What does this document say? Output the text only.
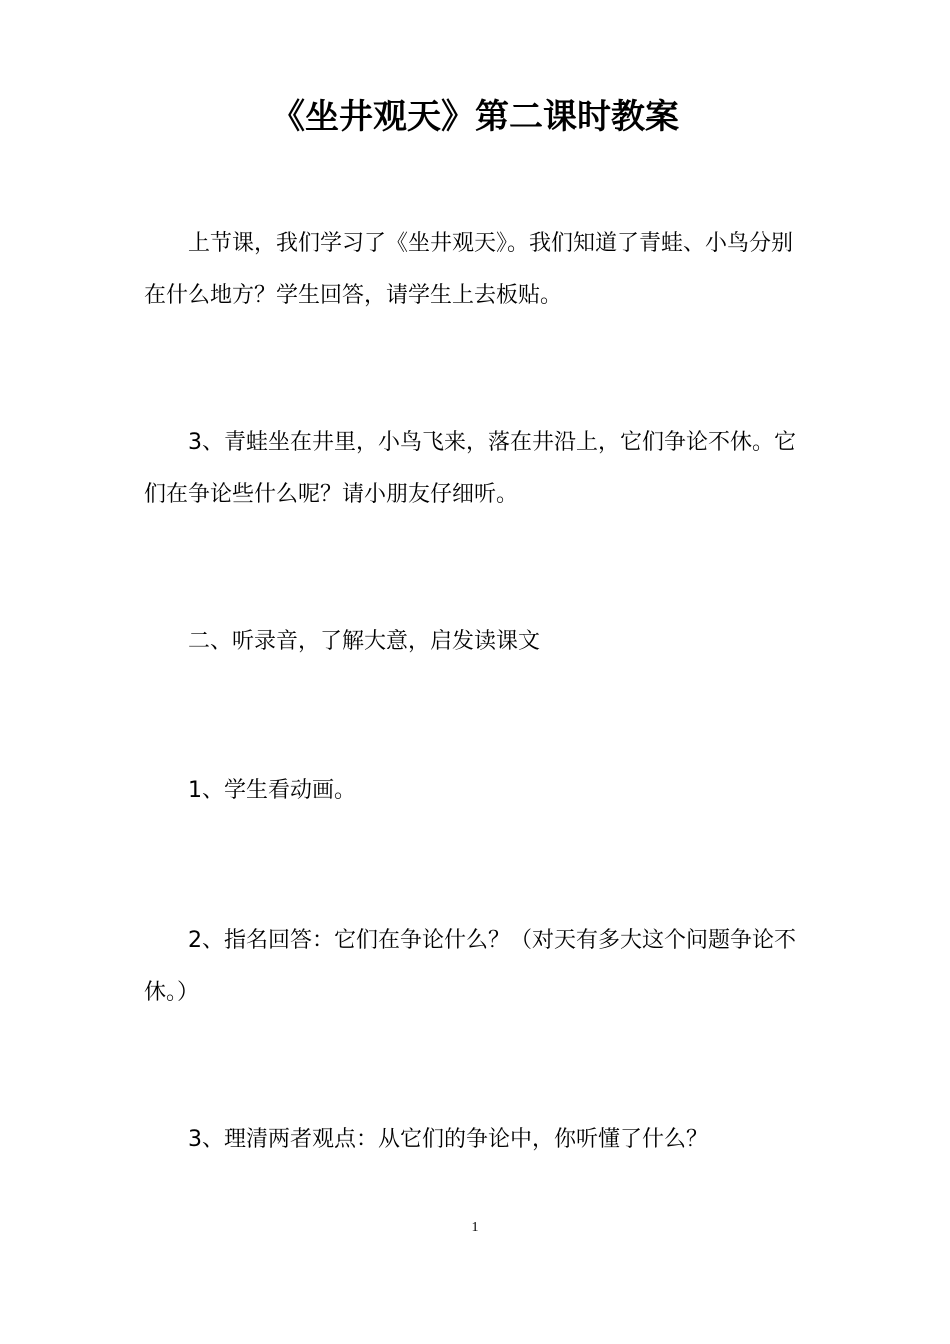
《坐井观天》第二课时教案

上节课，我们学习了《坐井观天》。我们知道了青蛙、小鸟分别在什么地方？学生回答，请学生上去板贴。

3、青蛙坐在井里，小鸟飞来，落在井沿上，它们争论不休。它们在争论些什么呢？请小朋友仔细听。

二、听录音，了解大意，启发读课文

1、学生看动画。

2、指名回答：它们在争论什么？（对天有多大这个问题争论不休。）

3、理清两者观点：从它们的争论中，你听懂了什么？

1
